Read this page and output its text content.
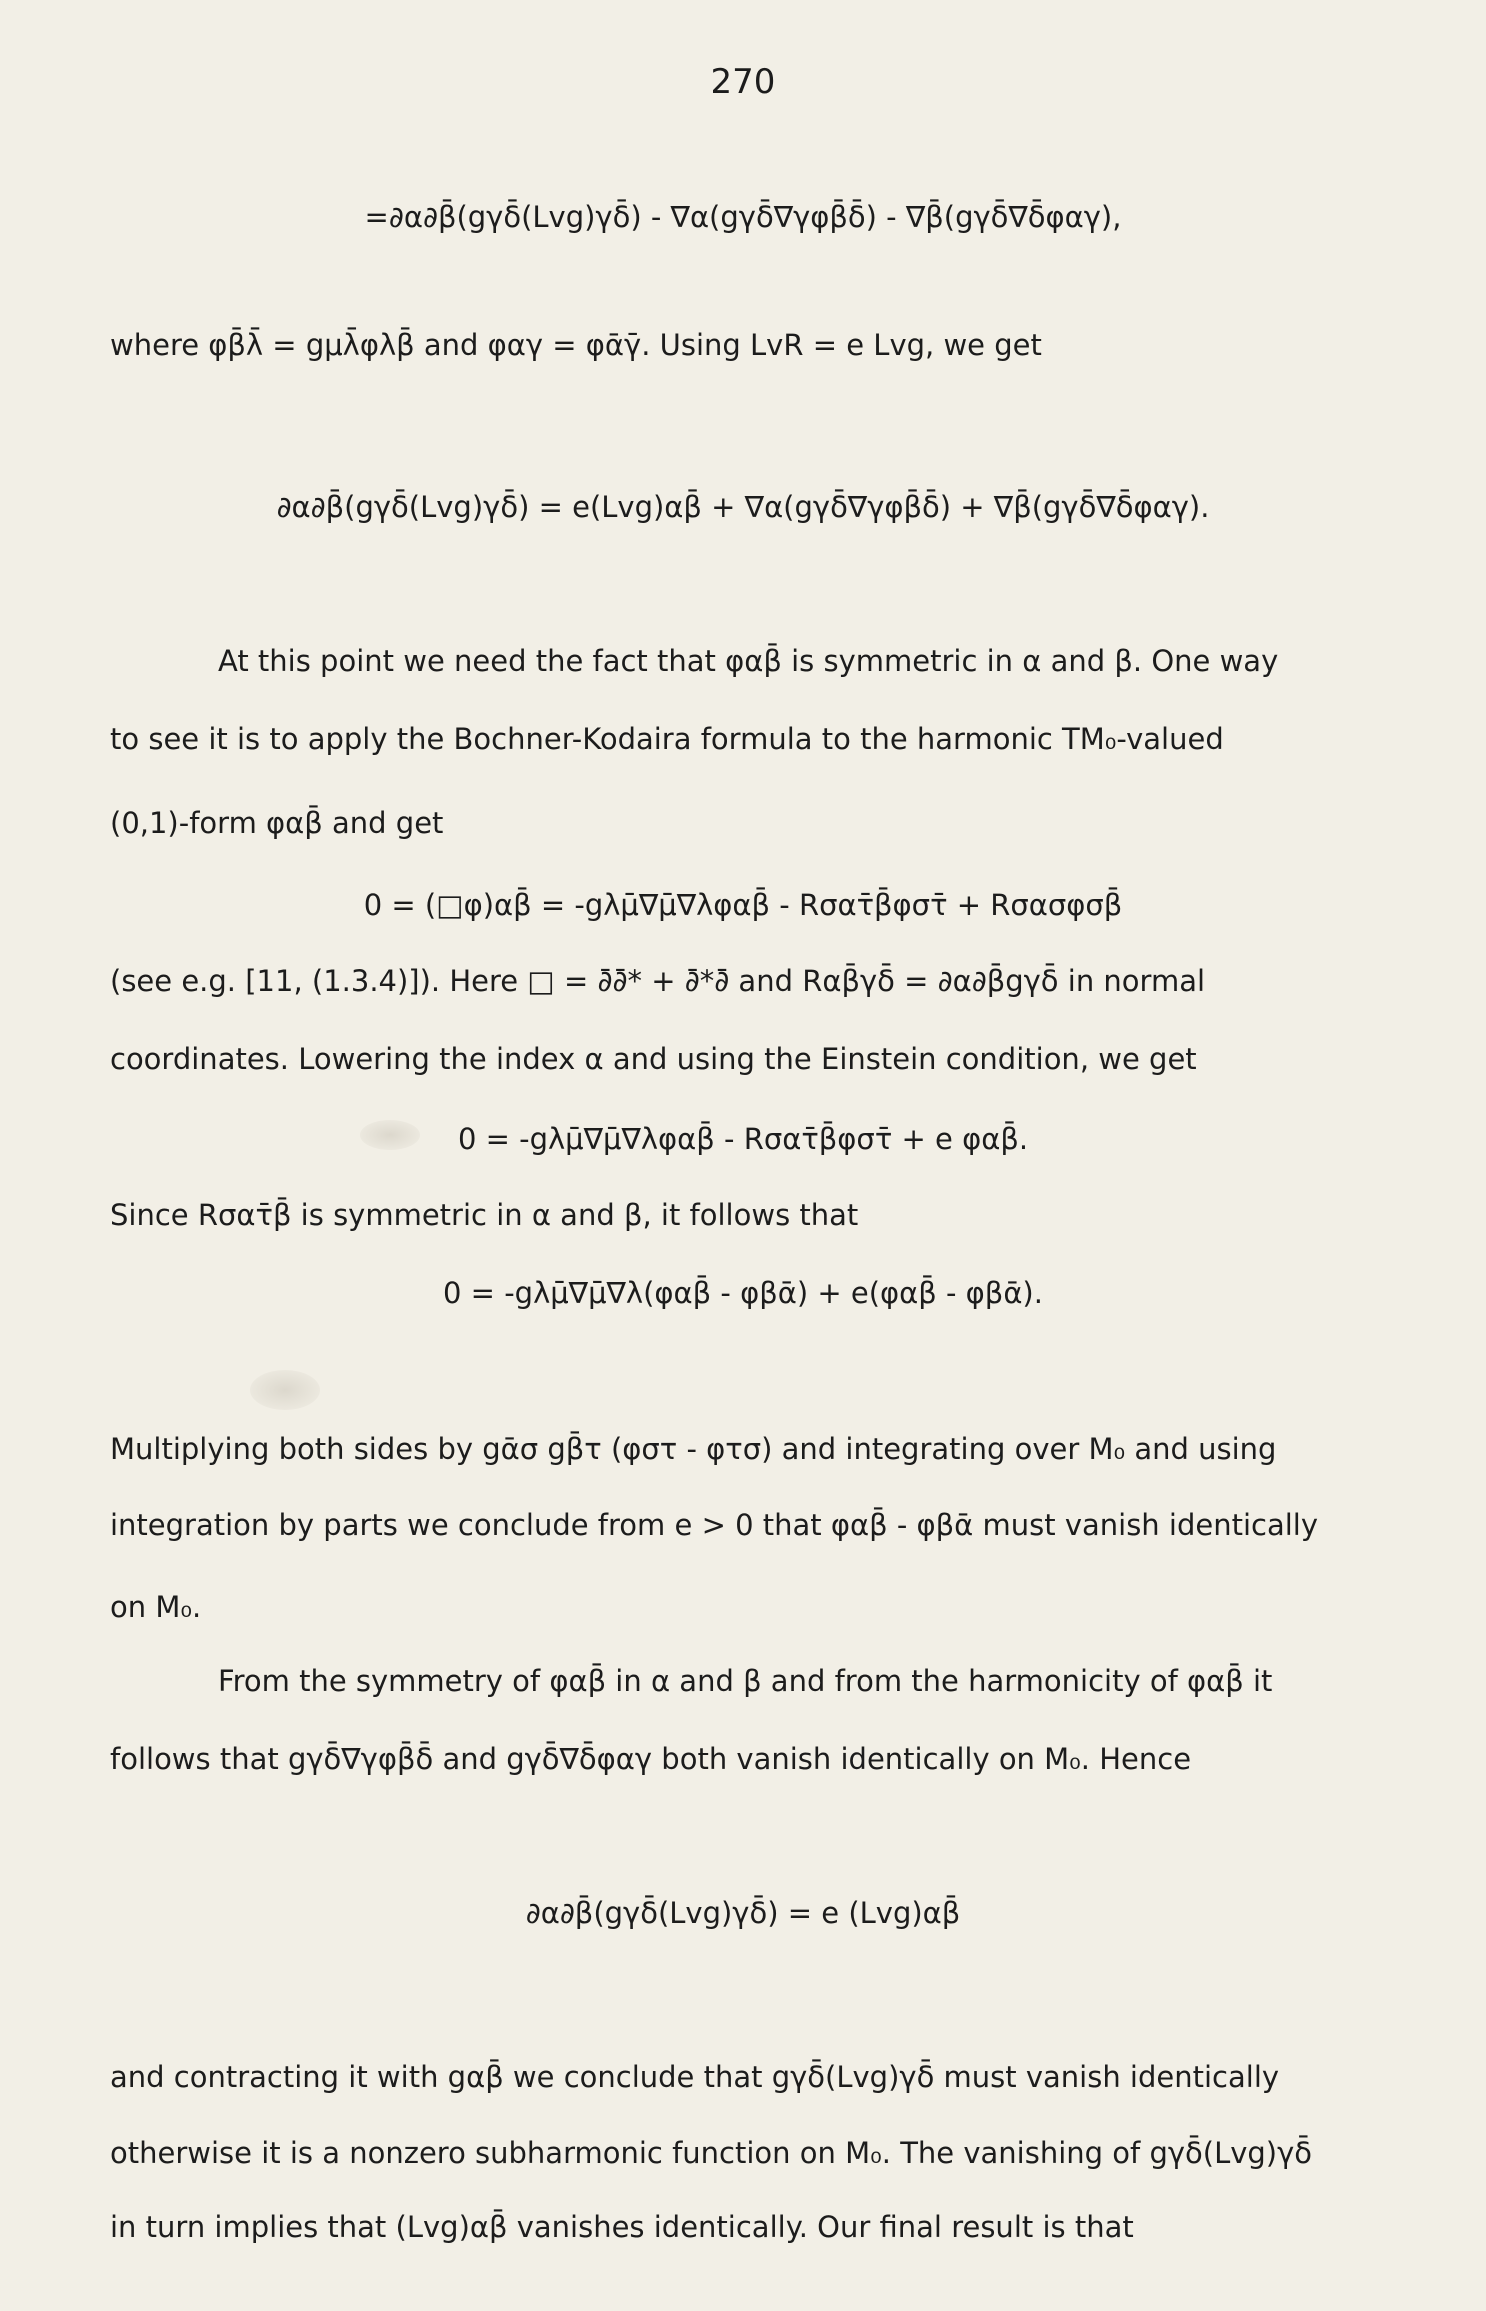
270
=∂α∂β̄(gγδ̄(Lvg)γδ̄) - ∇α(gγδ̄∇γφβ̄δ̄) - ∇β̄(gγδ̄∇δ̄φαγ),
where φβ̄λ̄ = gμλ̄φλβ̄ and φαγ = φᾱγ̄. Using LvR = e Lvg, we get
∂α∂β̄(gγδ̄(Lvg)γδ̄) = e(Lvg)αβ̄ + ∇α(gγδ̄∇γφβ̄δ̄) + ∇β̄(gγδ̄∇δ̄φαγ).
At this point we need the fact that φαβ̄ is symmetric in α and β. One way
to see it is to apply the Bochner-Kodaira formula to the harmonic TM₀-valued
(0,1)-form φαβ̄ and get
0 = (□φ)αβ̄ = -gλμ̄∇μ̄∇λφαβ̄ - Rσατ̄β̄φστ̄ + Rσασφσβ̄
(see e.g. [11, (1.3.4)]). Here □ = ∂̄∂̄* + ∂̄*∂̄ and Rαβ̄γδ̄ = ∂α∂β̄gγδ̄ in normal
coordinates. Lowering the index α and using the Einstein condition, we get
0 = -gλμ̄∇μ̄∇λφαβ̄ - Rσατ̄β̄φστ̄ + e φαβ̄.
Since Rσατ̄β̄ is symmetric in α and β, it follows that
0 = -gλμ̄∇μ̄∇λ(φαβ̄ - φβᾱ) + e(φαβ̄ - φβᾱ).
Multiplying both sides by gᾱσ gβ̄τ (φστ - φτσ) and integrating over M₀ and using
integration by parts we conclude from e > 0 that φαβ̄ - φβᾱ must vanish identically
on M₀.
From the symmetry of φαβ̄ in α and β and from the harmonicity of φαβ̄ it
follows that gγδ̄∇γφβ̄δ̄ and gγδ̄∇δ̄φαγ both vanish identically on M₀. Hence
∂α∂β̄(gγδ̄(Lvg)γδ̄) = e (Lvg)αβ̄
and contracting it with gαβ̄ we conclude that gγδ̄(Lvg)γδ̄ must vanish identically
otherwise it is a nonzero subharmonic function on M₀. The vanishing of gγδ̄(Lvg)γδ̄
in turn implies that (Lvg)αβ̄ vanishes identically. Our final result is that
